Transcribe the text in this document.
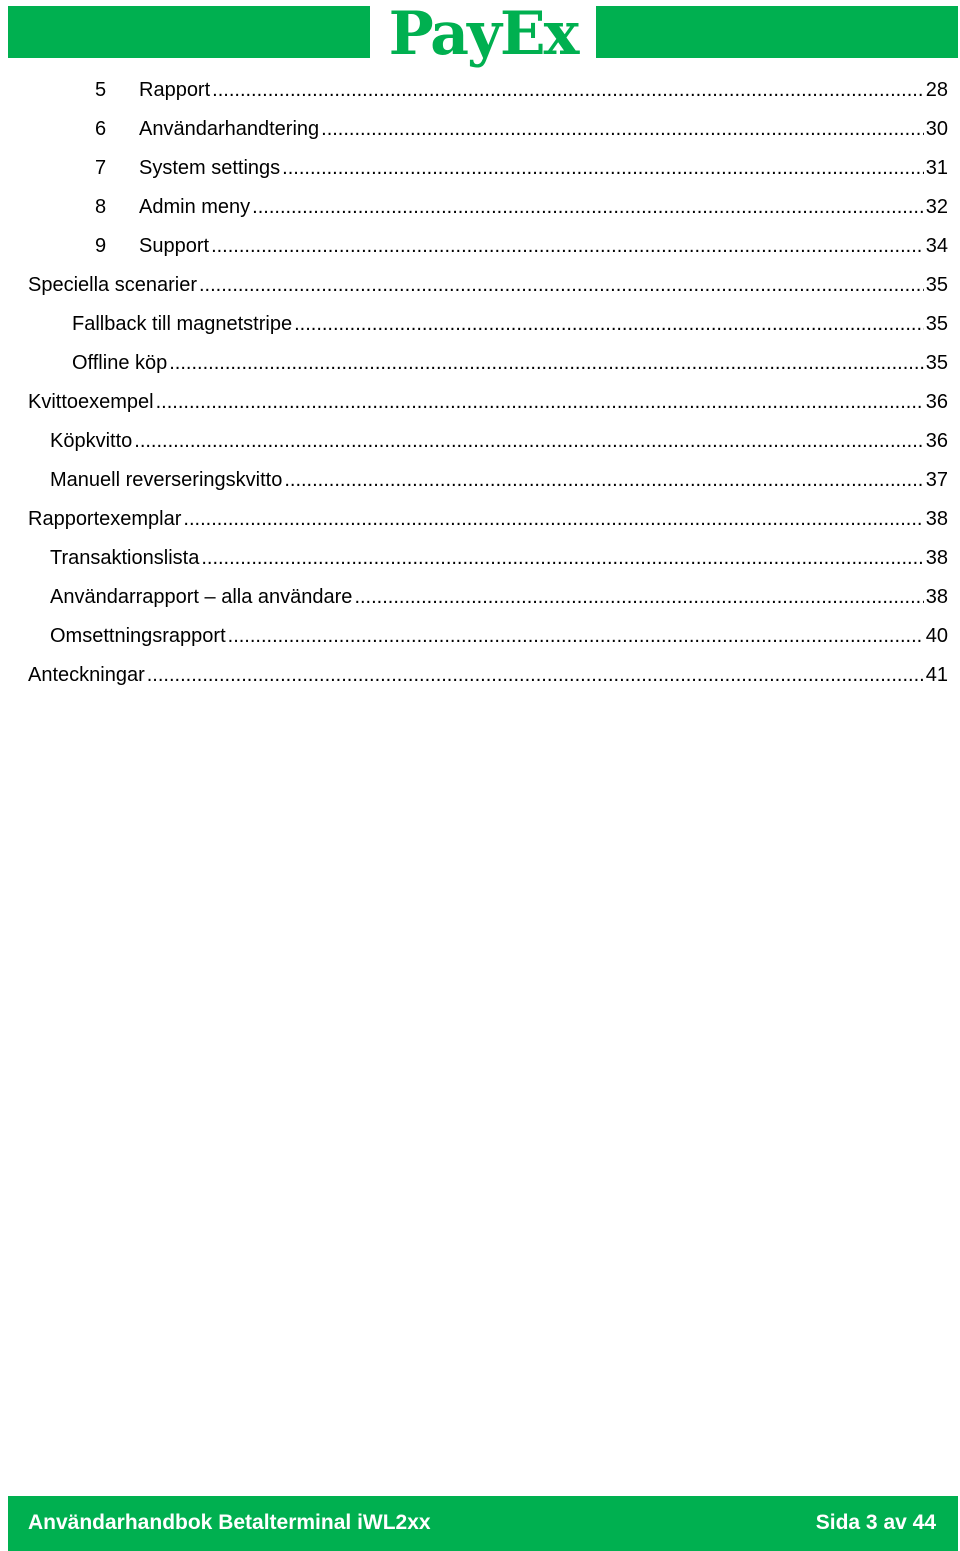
PayEx
5	Rapport .....	28
6	Användarhandtering .....	30
7	System settings .....	31
8	Admin meny .....	32
9	Support .....	34
Speciella scenarier .....	35
Fallback till magnetstripe .....	35
Offline köp .....	35
Kvittoexempel .....	36
Köpkvitto .....	36
Manuell reverseringskvitto .....	37
Rapportexemplar .....	38
Transaktionslista .....	38
Användarrapport – alla användare .....	38
Omsettningsrapport .....	40
Anteckningar .....	41
Användarhandbok Betalterminal iWL2xx	Sida 3 av 44
